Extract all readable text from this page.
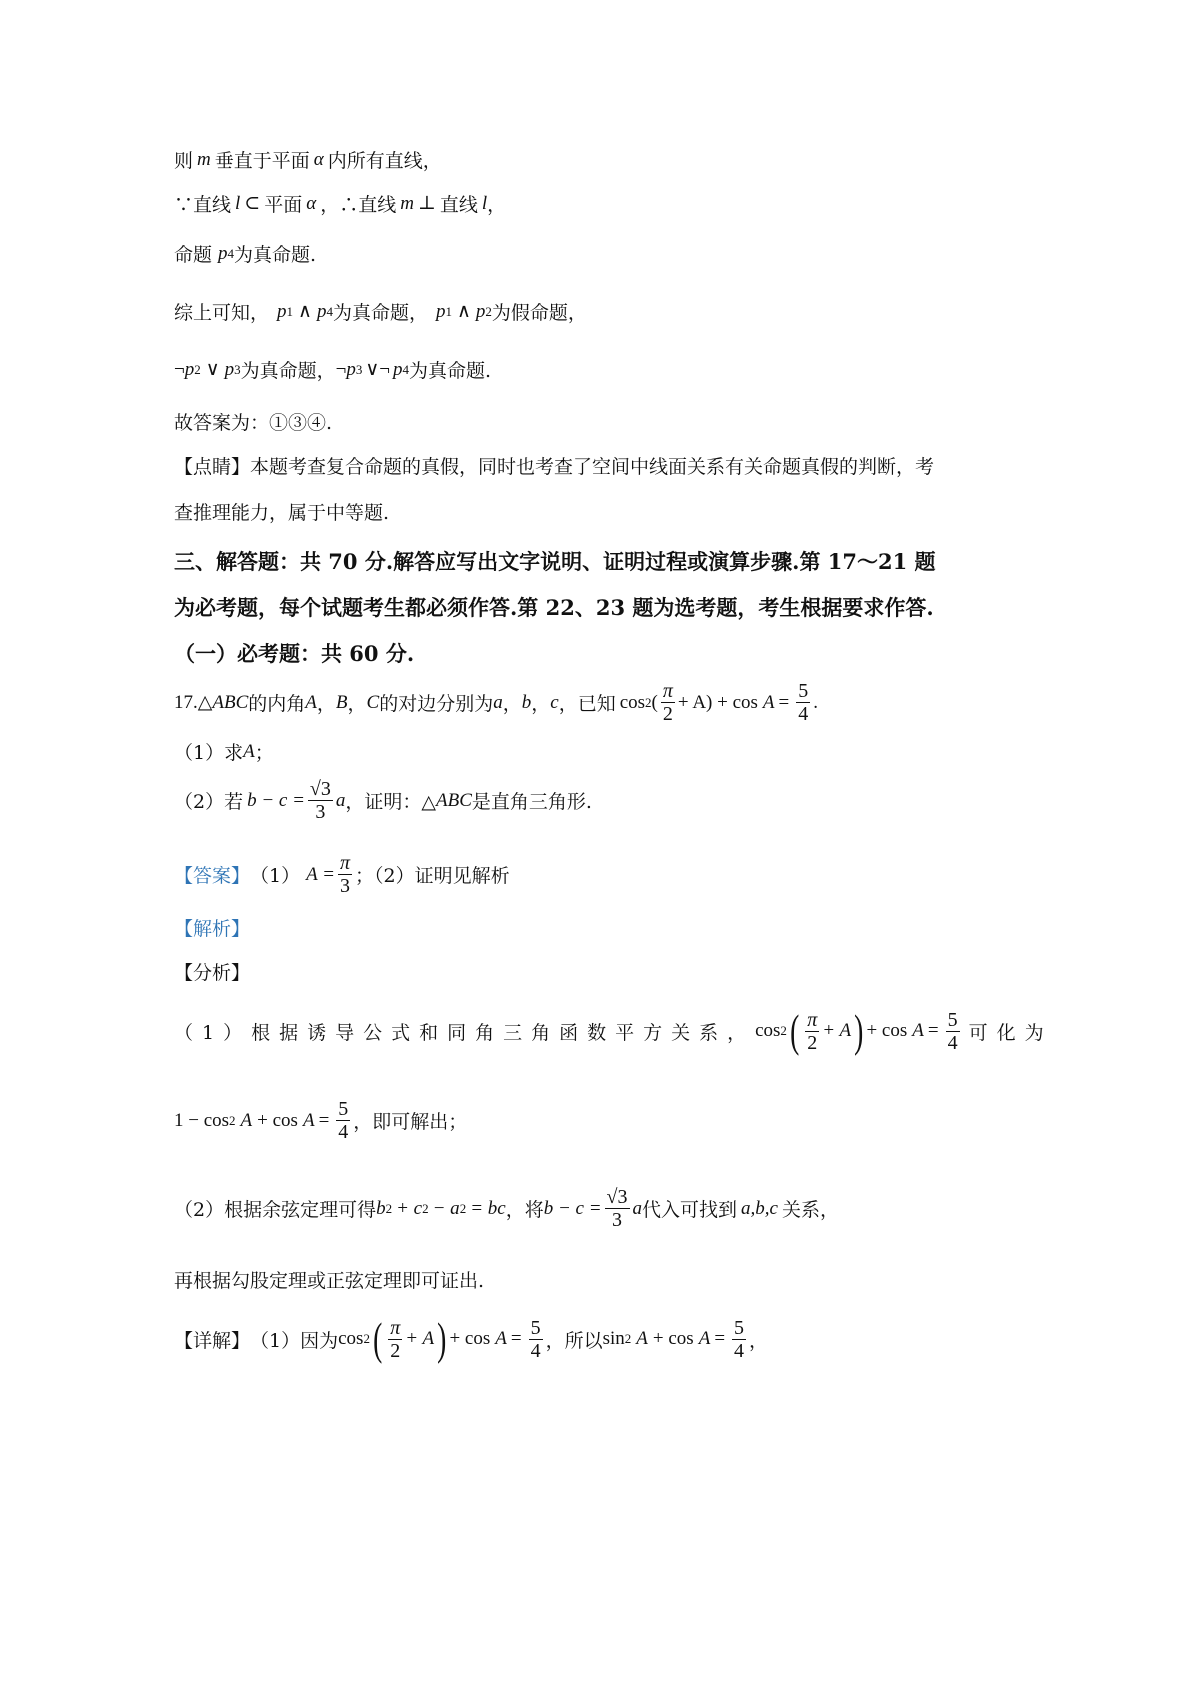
则 m 垂直于平面 α 内所有直线，
∵直线 l ⊂ 平面 α ，∴直线 m ⊥ 直线 l ，
命题 p 4 为真命题.
综上可知， p 1 ∧ p 4 为真命题， p 1 ∧ p 2 为假命题，
¬ p 2 ∨ p 3 为真命题， ¬ p 3 ∨¬ p 4 为真命题.
故答案为：①③④.
【点睛】 本题考查复合命题的真假，同时也考查了空间中线面关系有关命题真假的判断，考
查推理能力，属于中等题.
三、解答题：共 70 分.解答应写出文字说明、证明过程或演算步骤.第 17～21 题
为必考题，每个试题考生都必须作答.第 22、23 题为选考题，考生根据要求作答.
（一）必考题：共 60 分.
17.△ ABC 的内角 A ， B ， C 的对边分别为 a ， b ， c ，已知 cos 2 ( $\frac{\pi}{2} + A) + \cos A = \frac{5}{4}$ .
（1）求 A ；
（2）若 $b - c = \frac{√3}{3}$ a ，证明：△ ABC 是直角三角形.
【答案】 （1） $A = \frac{\pi}{3}$ ；（2）证明见解析
【解析】
【分析】
（1）根据诱导公式和同角三角函数平方关系， cos 2 ( $\frac{\pi}{2} + A$ ) + $\cos A = \frac{5}{4}$ 可化为
1 − cos 2 $A + \cos A = \frac{5}{4}$ ，即可解出；
（2）根据余弦定理可得 b 2 + c 2 − a 2 = bc ，将 $b - c = \frac{√3}{3}$ a 代入可找到 a,b,c 关系，
再根据勾股定理或正弦定理即可证出.
【详解】 （1）因为 cos 2 ( $\frac{\pi}{2} + A$ ) + $\cos A = \frac{5}{4}$ ，所以 sin 2 $A + \cos A = \frac{5}{4}$ ，
